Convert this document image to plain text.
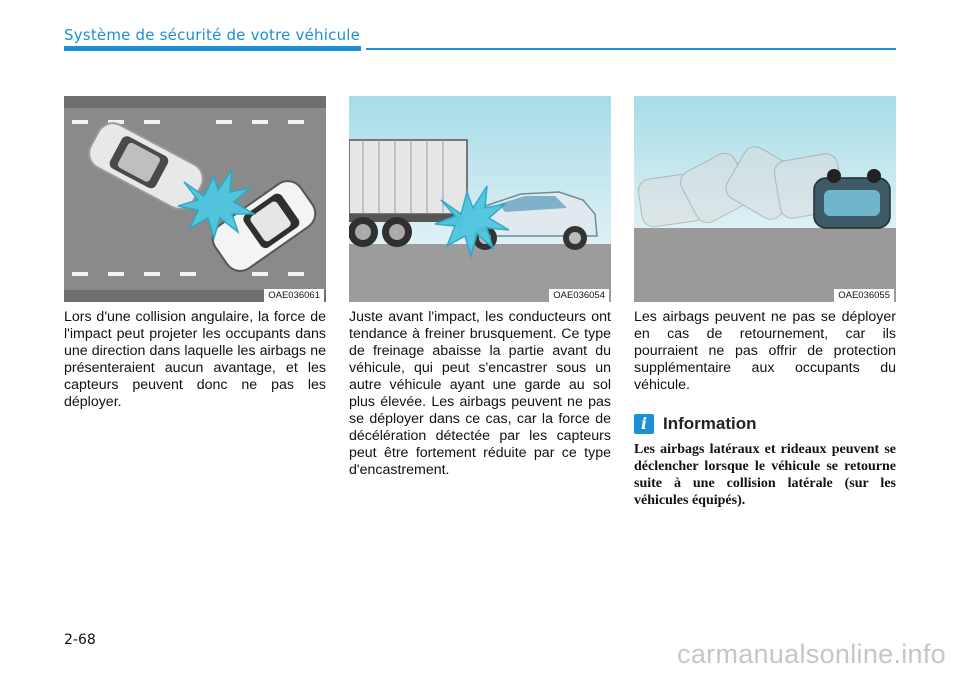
Système de sécurité de votre véhicule
OAE036061	OAE036054	OAE036055

Lors d'une collision angulaire, la force de l'impact peut projeter les occupants dans une direction dans laquelle les airbags ne présenteraient aucun avantage, et les capteurs peuvent donc ne pas les déployer.

Juste avant l'impact, les conducteurs ont tendance à freiner brusquement. Ce type de freinage abaisse la partie avant du véhicule, qui peut s'encastrer sous un autre véhicule ayant une garde au sol plus élevée. Les airbags peuvent ne pas se déployer dans ce cas, car la force de décélération détectée par les capteurs peut être fortement réduite par ce type d'encastrement.

Les airbags peuvent ne pas se déployer en cas de retournement, car ils pourraient ne pas offrir de protection supplémentaire aux occupants du véhicule.

i Information

Les airbags latéraux et rideaux peuvent se déclencher lorsque le véhicule se retourne suite à une collision latérale (sur les véhicules équipés).

2-68	carmanualsonline.info
